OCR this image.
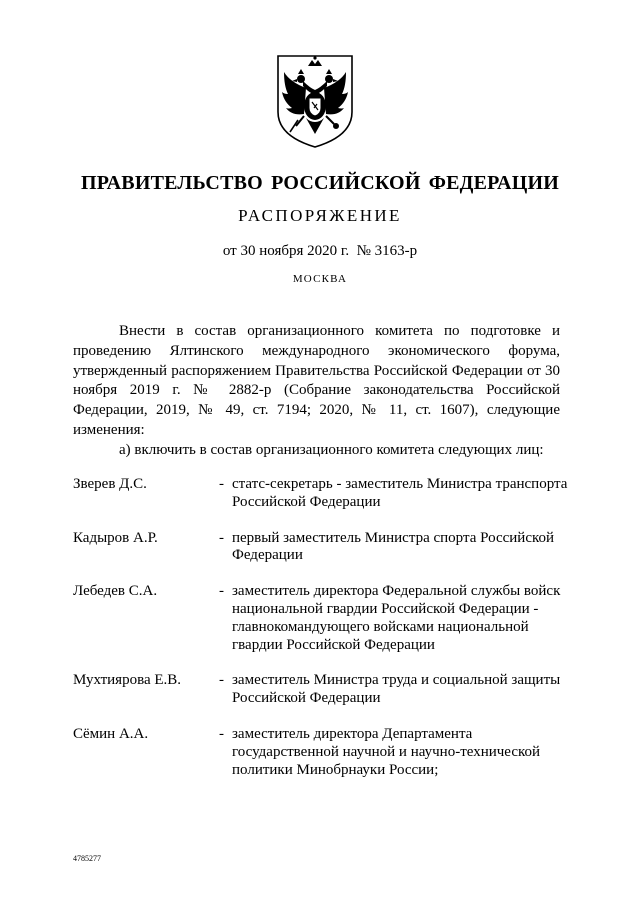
ПРАВИТЕЛЬСТВО РОССИЙСКОЙ ФЕДЕРАЦИИ
РАСПОРЯЖЕНИЕ
от 30 ноября 2020 г.  № 3163-р
МОСКВА

Внести в состав организационного комитета по подготовке и проведению Ялтинского международного экономического форума, утвержденный распоряжением Правительства Российской Федерации от 30 ноября 2019 г. № 2882-р (Собрание законодательства Российской Федерации, 2019, № 49, ст. 7194; 2020, № 11, ст. 1607), следующие изменения:

а) включить в состав организационного комитета следующих лиц:

Зверев Д.С.	- статс-секретарь - заместитель Министра транспорта Российской Федерации
Кадыров А.Р.	- первый заместитель Министра спорта Российской Федерации
Лебедев С.А.	- заместитель директора Федеральной службы войск национальной гвардии Российской Федерации - главнокомандующего войсками национальной гвардии Российской Федерации
Мухтиярова Е.В.	- заместитель Министра труда и социальной защиты Российской Федерации
Сёмин А.А.	- заместитель директора Департамента государственной научной и научно-технической политики Минобрнауки России;
4785277
